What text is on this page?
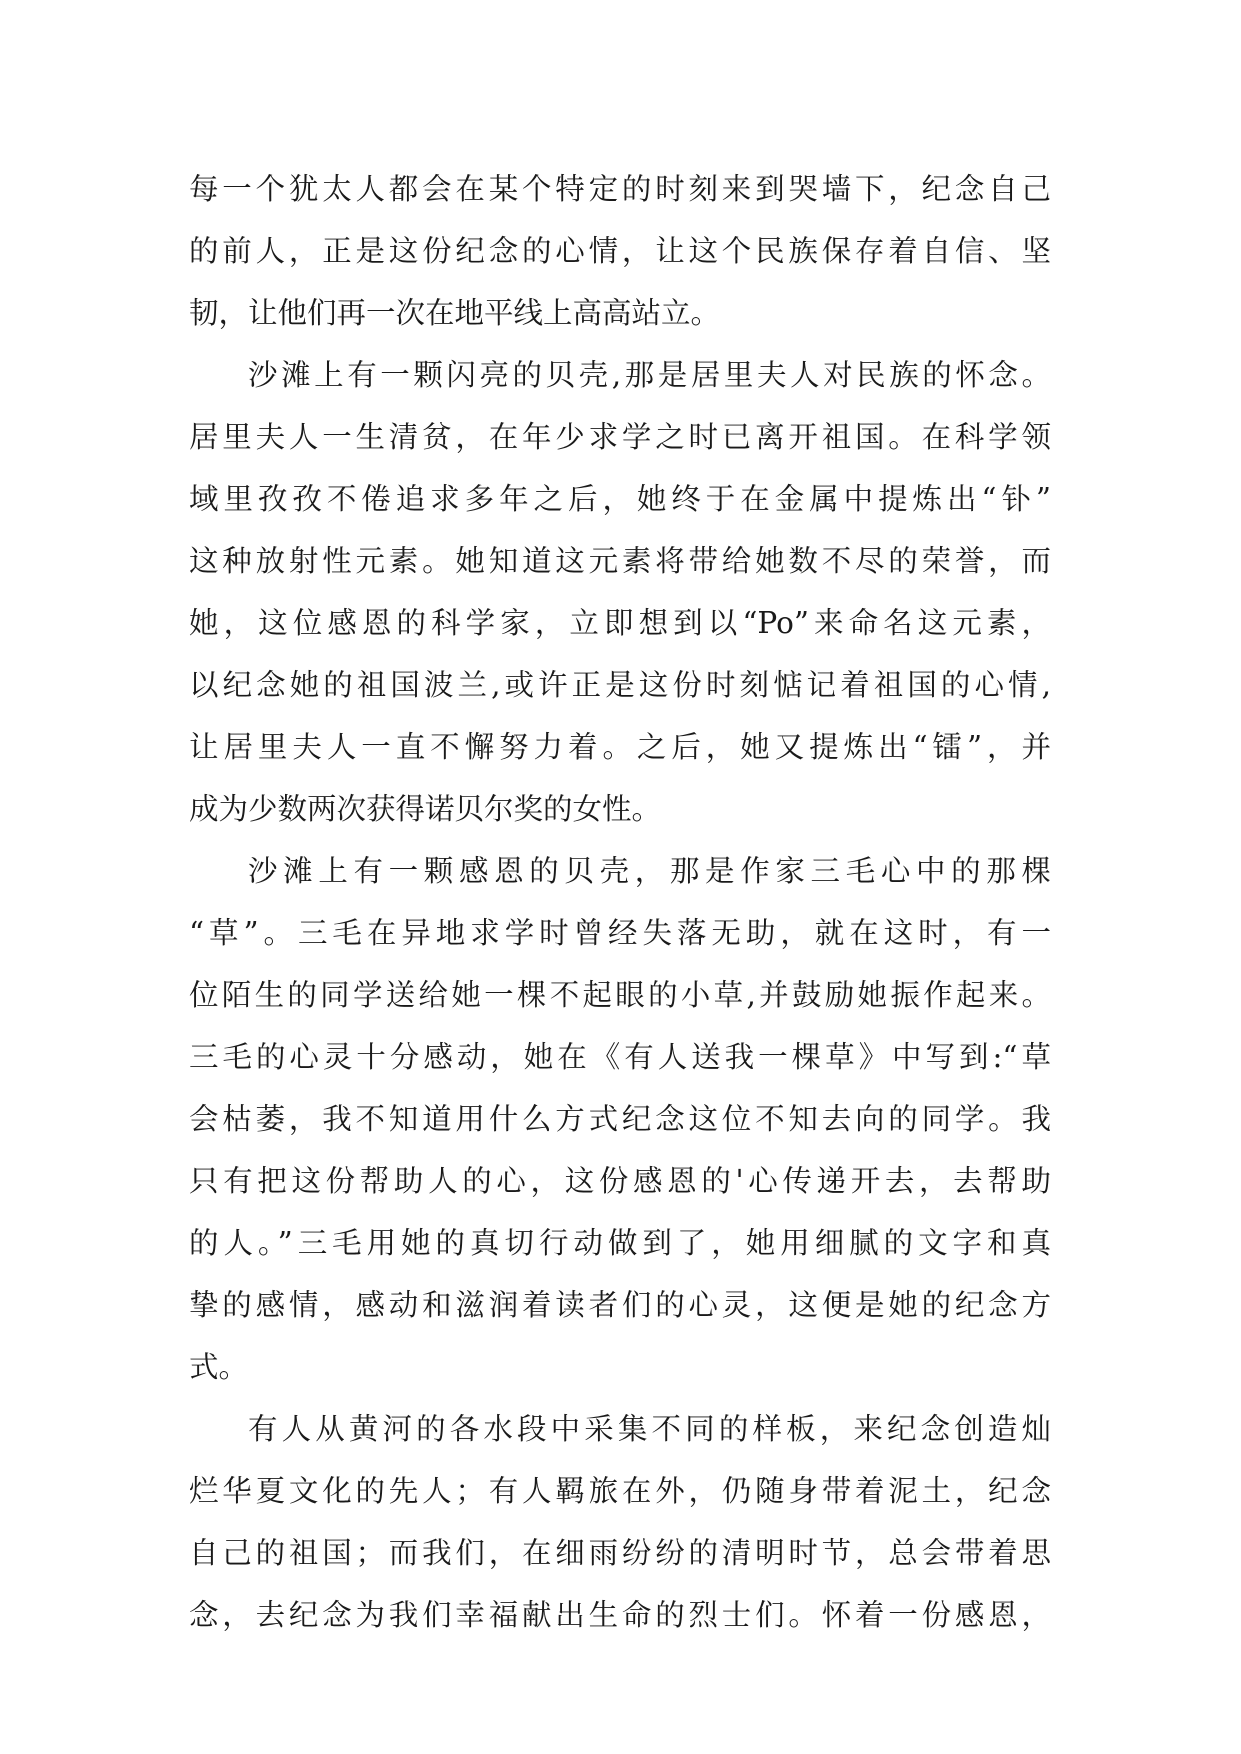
每一个犹太人都会在某个特定的时刻来到哭墙下，纪念自己
的前人，正是这份纪念的心情，让这个民族保存着自信、坚
韧，让他们再一次在地平线上高高站立。
沙滩上有一颗闪亮的贝壳,那是居里夫人对民族的怀念。
居里夫人一生清贫，在年少求学之时已离开祖国。在科学领
域里孜孜不倦追求多年之后，她终于在金属中提炼出“钋”
这种放射性元素。她知道这元素将带给她数不尽的荣誉，而
她，这位感恩的科学家，立即想到以“Po”来命名这元素，
以纪念她的祖国波兰,或许正是这份时刻惦记着祖国的心情,
让居里夫人一直不懈努力着。之后，她又提炼出“镭”，并
成为少数两次获得诺贝尔奖的女性。
沙滩上有一颗感恩的贝壳，那是作家三毛心中的那棵
“草”。三毛在异地求学时曾经失落无助，就在这时，有一
位陌生的同学送给她一棵不起眼的小草,并鼓励她振作起来。
三毛的心灵十分感动，她在《有人送我一棵草》中写到:“草
会枯萎，我不知道用什么方式纪念这位不知去向的同学。我
只有把这份帮助人的心，这份感恩的'心传递开去，去帮助
的人。”三毛用她的真切行动做到了，她用细腻的文字和真
挚的感情，感动和滋润着读者们的心灵，这便是她的纪念方
式。
有人从黄河的各水段中采集不同的样板，来纪念创造灿
烂华夏文化的先人；有人羁旅在外，仍随身带着泥土，纪念
自己的祖国；而我们，在细雨纷纷的清明时节，总会带着思
念，去纪念为我们幸福献出生命的烈士们。怀着一份感恩，
